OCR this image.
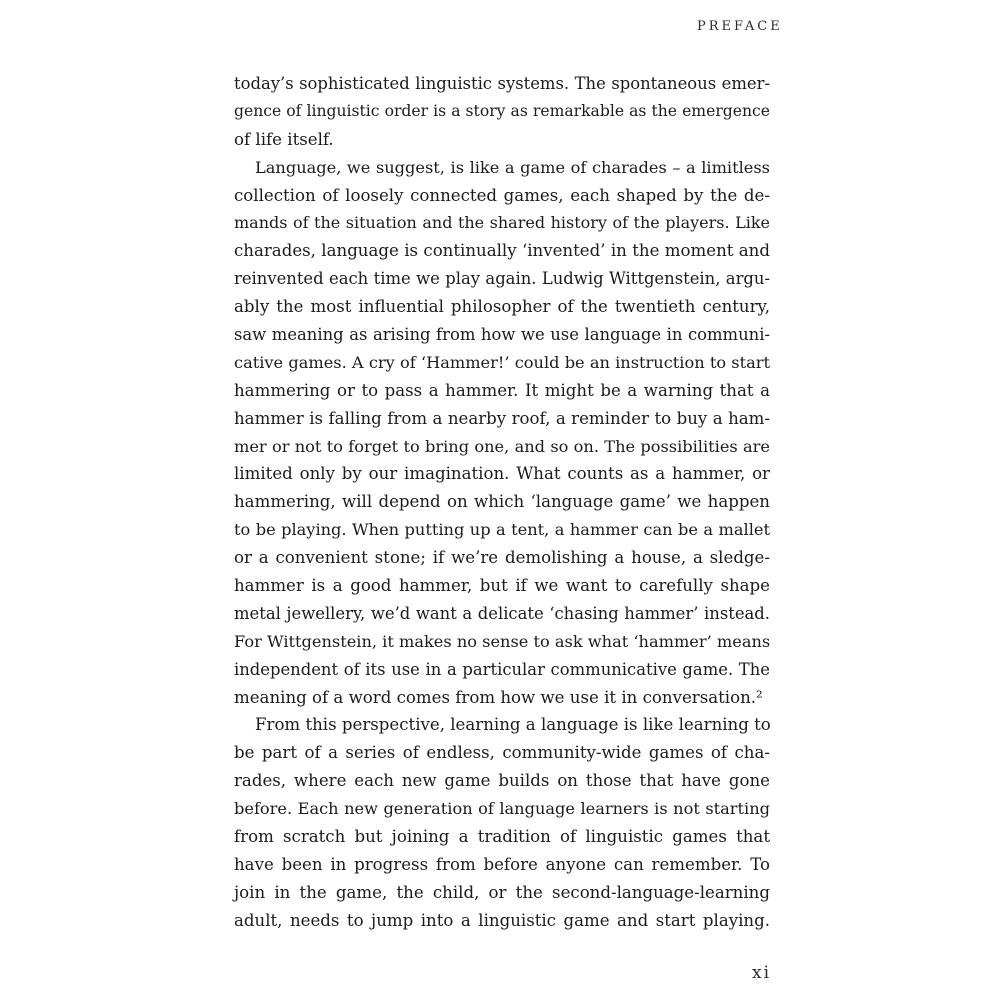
PREFACE

today’s sophisticated linguistic systems. The spontaneous emer-
gence of linguistic order is a story as remarkable as the emergence
of life itself.

Language, we suggest, is like a game of charades – a limitless
collection of loosely connected games, each shaped by the de-
mands of the situation and the shared history of the players. Like
charades, language is continually ‘invented’ in the moment and
reinvented each time we play again. Ludwig Wittgenstein, argu-
ably the most influential philosopher of the twentieth century,
saw meaning as arising from how we use language in communi-
cative games. A cry of ‘Hammer!’ could be an instruction to start
hammering or to pass a hammer. It might be a warning that a
hammer is falling from a nearby roof, a reminder to buy a ham-
mer or not to forget to bring one, and so on. The possibilities are
limited only by our imagination. What counts as a hammer, or
hammering, will depend on which ‘language game’ we happen
to be playing. When putting up a tent, a hammer can be a mallet
or a convenient stone; if we’re demolishing a house, a sledge-
hammer is a good hammer, but if we want to carefully shape
metal jewellery, we’d want a delicate ‘chasing hammer’ instead.
For Wittgenstein, it makes no sense to ask what ‘hammer’ means
independent of its use in a particular communicative game. The
meaning of a word comes from how we use it in conversation.²

From this perspective, learning a language is like learning to
be part of a series of endless, community-wide games of cha-
rades, where each new game builds on those that have gone
before. Each new generation of language learners is not starting
from scratch but joining a tradition of linguistic games that
have been in progress from before anyone can remember. To
join in the game, the child, or the second-language-learning
adult, needs to jump into a linguistic game and start playing.

xi
